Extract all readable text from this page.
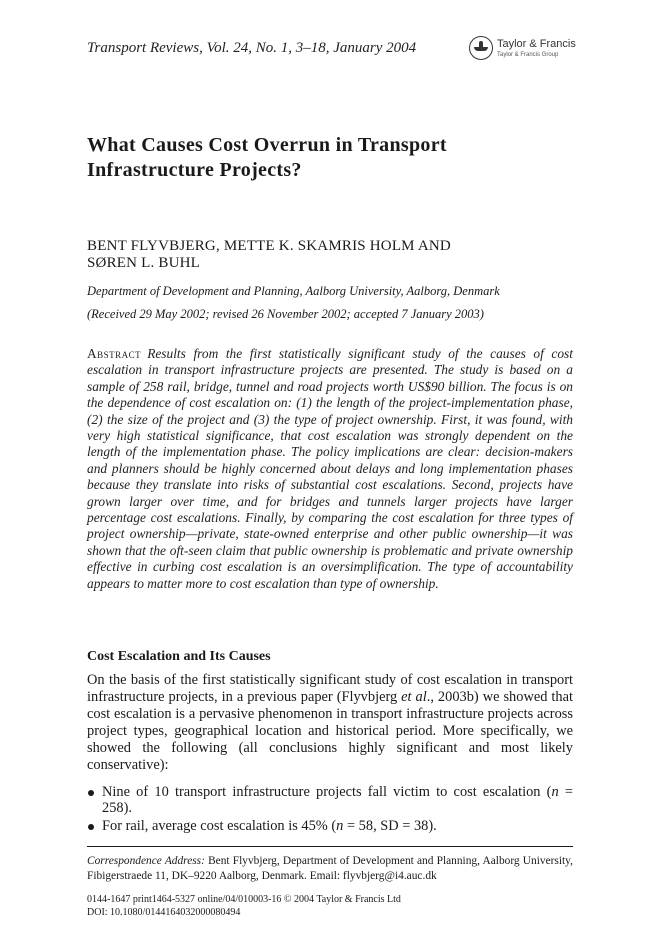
Transport Reviews, Vol. 24, No. 1, 3–18, January 2004	Taylor & Francis
Taylor & Francis Group
What Causes Cost Overrun in Transport Infrastructure Projects?
BENT FLYVBJERG, METTE K. SKAMRIS HOLM AND
SØREN L. BUHL
Department of Development and Planning, Aalborg University, Aalborg, Denmark
(Received 29 May 2002; revised 26 November 2002; accepted 7 January 2003)
Abstract Results from the first statistically significant study of the causes of cost escalation in transport infrastructure projects are presented. The study is based on a sample of 258 rail, bridge, tunnel and road projects worth US$90 billion. The focus is on the dependence of cost escalation on: (1) the length of the project-implementation phase, (2) the size of the project and (3) the type of project ownership. First, it was found, with very high statistical significance, that cost escalation was strongly dependent on the length of the implementation phase. The policy implications are clear: decision-makers and planners should be highly concerned about delays and long implementation phases because they translate into risks of substantial cost escalations. Second, projects have grown larger over time, and for bridges and tunnels larger projects have larger percentage cost escalations. Finally, by comparing the cost escalation for three types of project ownership—private, state-owned enterprise and other public ownership—it was shown that the oft-seen claim that public ownership is problematic and private ownership effective in curbing cost escalation is an oversimplification. The type of accountability appears to matter more to cost escalation than type of ownership.
Cost Escalation and Its Causes
On the basis of the first statistically significant study of cost escalation in transport infrastructure projects, in a previous paper (Flyvbjerg et al., 2003b) we showed that cost escalation is a pervasive phenomenon in transport infrastructure projects across project types, geographical location and historical period. More specifically, we showed the following (all conclusions highly significant and most likely conservative):
Nine of 10 transport infrastructure projects fall victim to cost escalation (n = 258).
For rail, average cost escalation is 45% (n = 58, SD = 38).
Correspondence Address: Bent Flyvbjerg, Department of Development and Planning, Aalborg University, Fibigerstraede 11, DK–9220 Aalborg, Denmark. Email: flyvbjerg@i4.auc.dk
0144-1647 print1464-5327 online/04/010003-16 © 2004 Taylor & Francis Ltd
DOI: 10.1080/0144164032000080494
